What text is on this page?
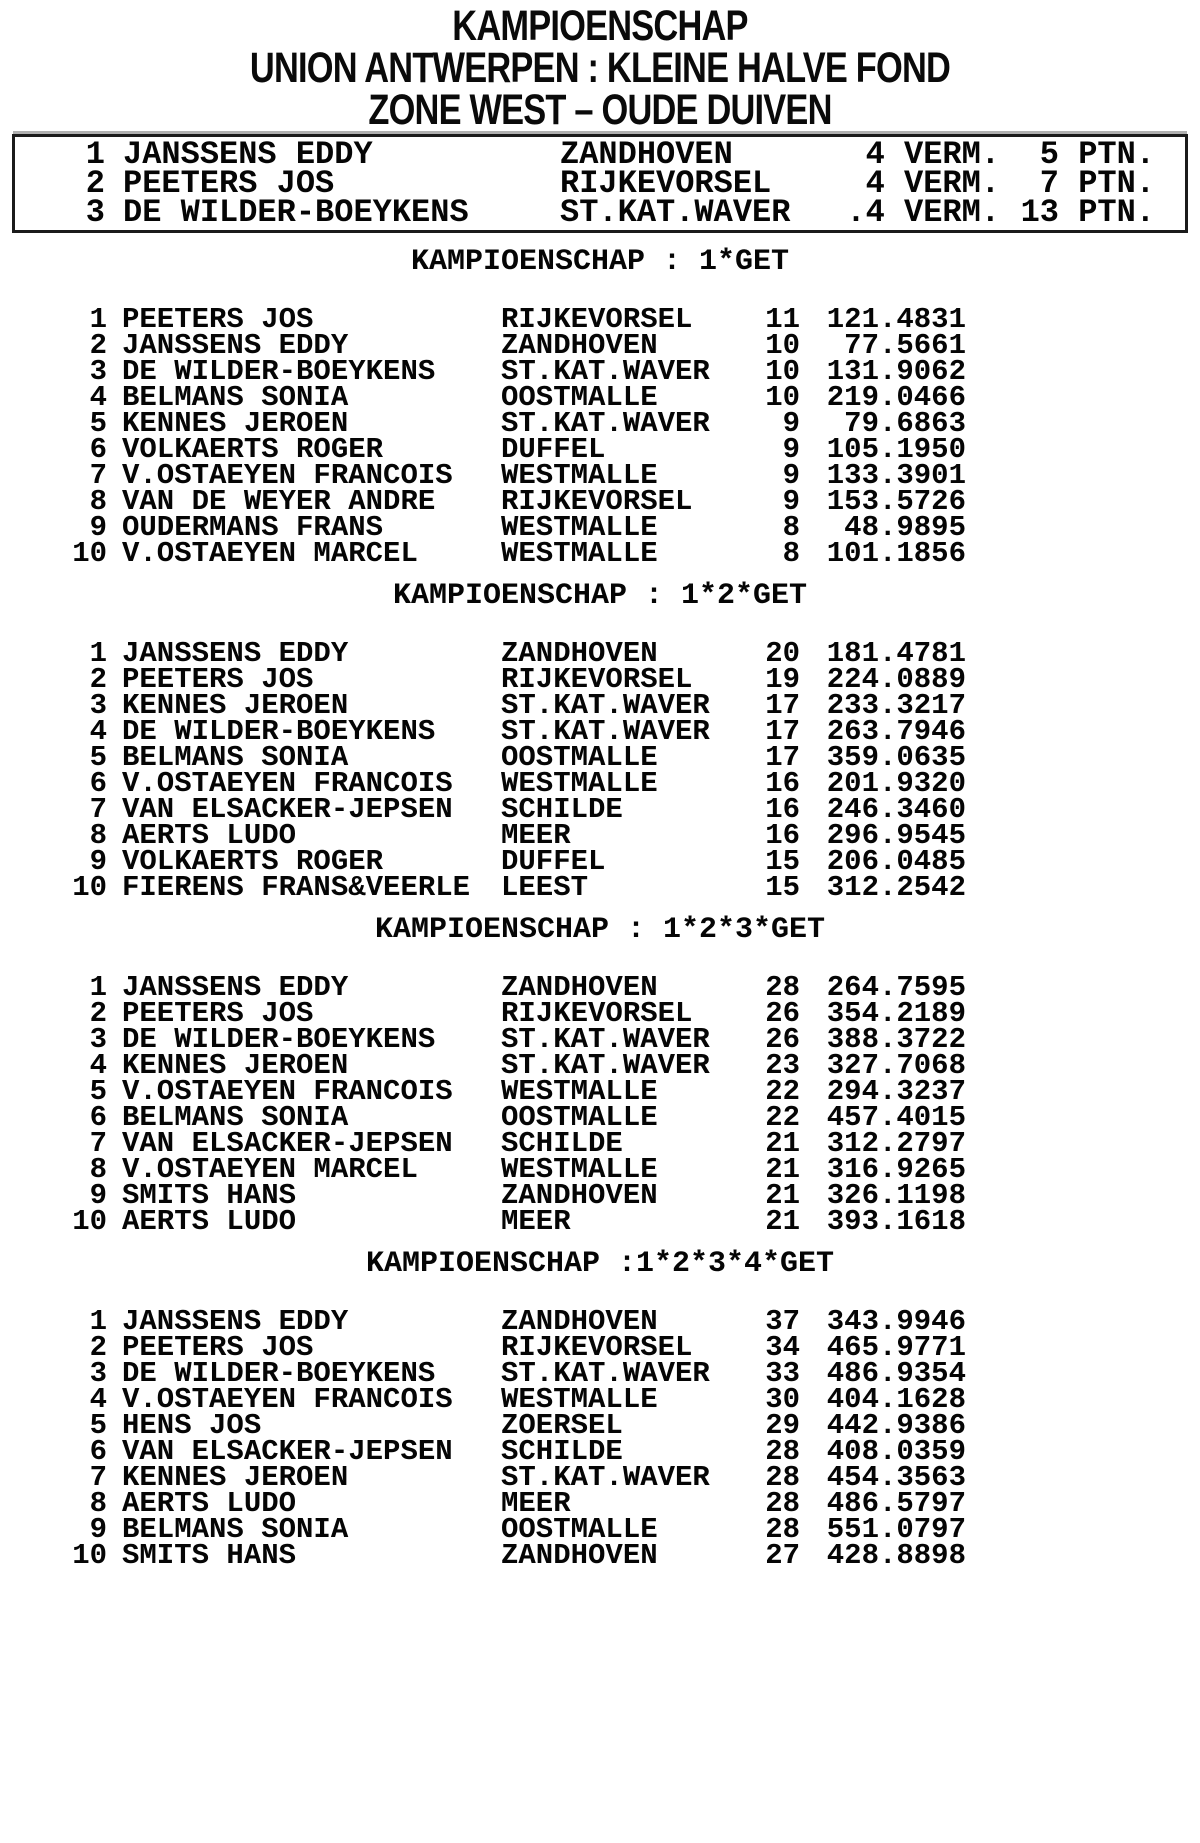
KAMPIOENSCHAP
UNION ANTWERPEN : KLEINE HALVE FOND
ZONE WEST – OUDE DUIVEN
1 JANSSENS EDDY	ZANDHOVEN	4 VERM.	5 PTN.
2 PEETERS JOS	RIJKEVORSEL	4 VERM.	7 PTN.
3 DE WILDER-BOEYKENS	ST.KAT.WAVER	.4 VERM. 13 PTN.
KAMPIOENSCHAP : 1*GET
1 PEETERS JOS	RIJKEVORSEL	11 121.4831
2 JANSSENS EDDY	ZANDHOVEN	10	77.5661
3 DE WILDER-BOEYKENS	ST.KAT.WAVER	10 131.9062
4 BELMANS SONIA	OOSTMALLE	10 219.0466
5 KENNES JEROEN	ST.KAT.WAVER	9	79.6863
6 VOLKAERTS ROGER	DUFFEL	9 105.1950
7 V.OSTAEYEN FRANCOIS	WESTMALLE	9 133.3901
8 VAN DE WEYER ANDRE	RIJKEVORSEL	9 153.5726
9 OUDERMANS FRANS	WESTMALLE	8	48.9895
10 V.OSTAEYEN MARCEL	WESTMALLE	8 101.1856
KAMPIOENSCHAP : 1*2*GET
1 JANSSENS EDDY	ZANDHOVEN	20 181.4781
2 PEETERS JOS	RIJKEVORSEL	19 224.0889
3 KENNES JEROEN	ST.KAT.WAVER	17 233.3217
4 DE WILDER-BOEYKENS	ST.KAT.WAVER	17 263.7946
5 BELMANS SONIA	OOSTMALLE	17 359.0635
6 V.OSTAEYEN FRANCOIS	WESTMALLE	16 201.9320
7 VAN ELSACKER-JEPSEN	SCHILDE	16 246.3460
8 AERTS LUDO	MEER	16 296.9545
9 VOLKAERTS ROGER	DUFFEL	15 206.0485
10 FIERENS FRANS&VEERLE	LEEST	15 312.2542
KAMPIOENSCHAP : 1*2*3*GET
1 JANSSENS EDDY	ZANDHOVEN	28 264.7595
2 PEETERS JOS	RIJKEVORSEL	26 354.2189
3 DE WILDER-BOEYKENS	ST.KAT.WAVER	26 388.3722
4 KENNES JEROEN	ST.KAT.WAVER	23 327.7068
5 V.OSTAEYEN FRANCOIS	WESTMALLE	22 294.3237
6 BELMANS SONIA	OOSTMALLE	22 457.4015
7 VAN ELSACKER-JEPSEN	SCHILDE	21 312.2797
8 V.OSTAEYEN MARCEL	WESTMALLE	21 316.9265
9 SMITS HANS	ZANDHOVEN	21 326.1198
10 AERTS LUDO	MEER	21 393.1618
KAMPIOENSCHAP :1*2*3*4*GET
1 JANSSENS EDDY	ZANDHOVEN	37 343.9946
2 PEETERS JOS	RIJKEVORSEL	34 465.9771
3 DE WILDER-BOEYKENS	ST.KAT.WAVER	33 486.9354
4 V.OSTAEYEN FRANCOIS	WESTMALLE	30 404.1628
5 HENS JOS	ZOERSEL	29 442.9386
6 VAN ELSACKER-JEPSEN	SCHILDE	28 408.0359
7 KENNES JEROEN	ST.KAT.WAVER	28 454.3563
8 AERTS LUDO	MEER	28 486.5797
9 BELMANS SONIA	OOSTMALLE	28 551.0797
10 SMITS HANS	ZANDHOVEN	27 428.8898
